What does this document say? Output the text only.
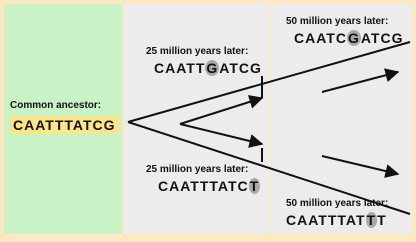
Common ancestor:
CAATTTATCG
25 million years later:
CAATTGATCG
50 million years later:
CAATCGATCG
25 million years later:
CAATTTATCT
50 million years later:
CAATTTATTT
